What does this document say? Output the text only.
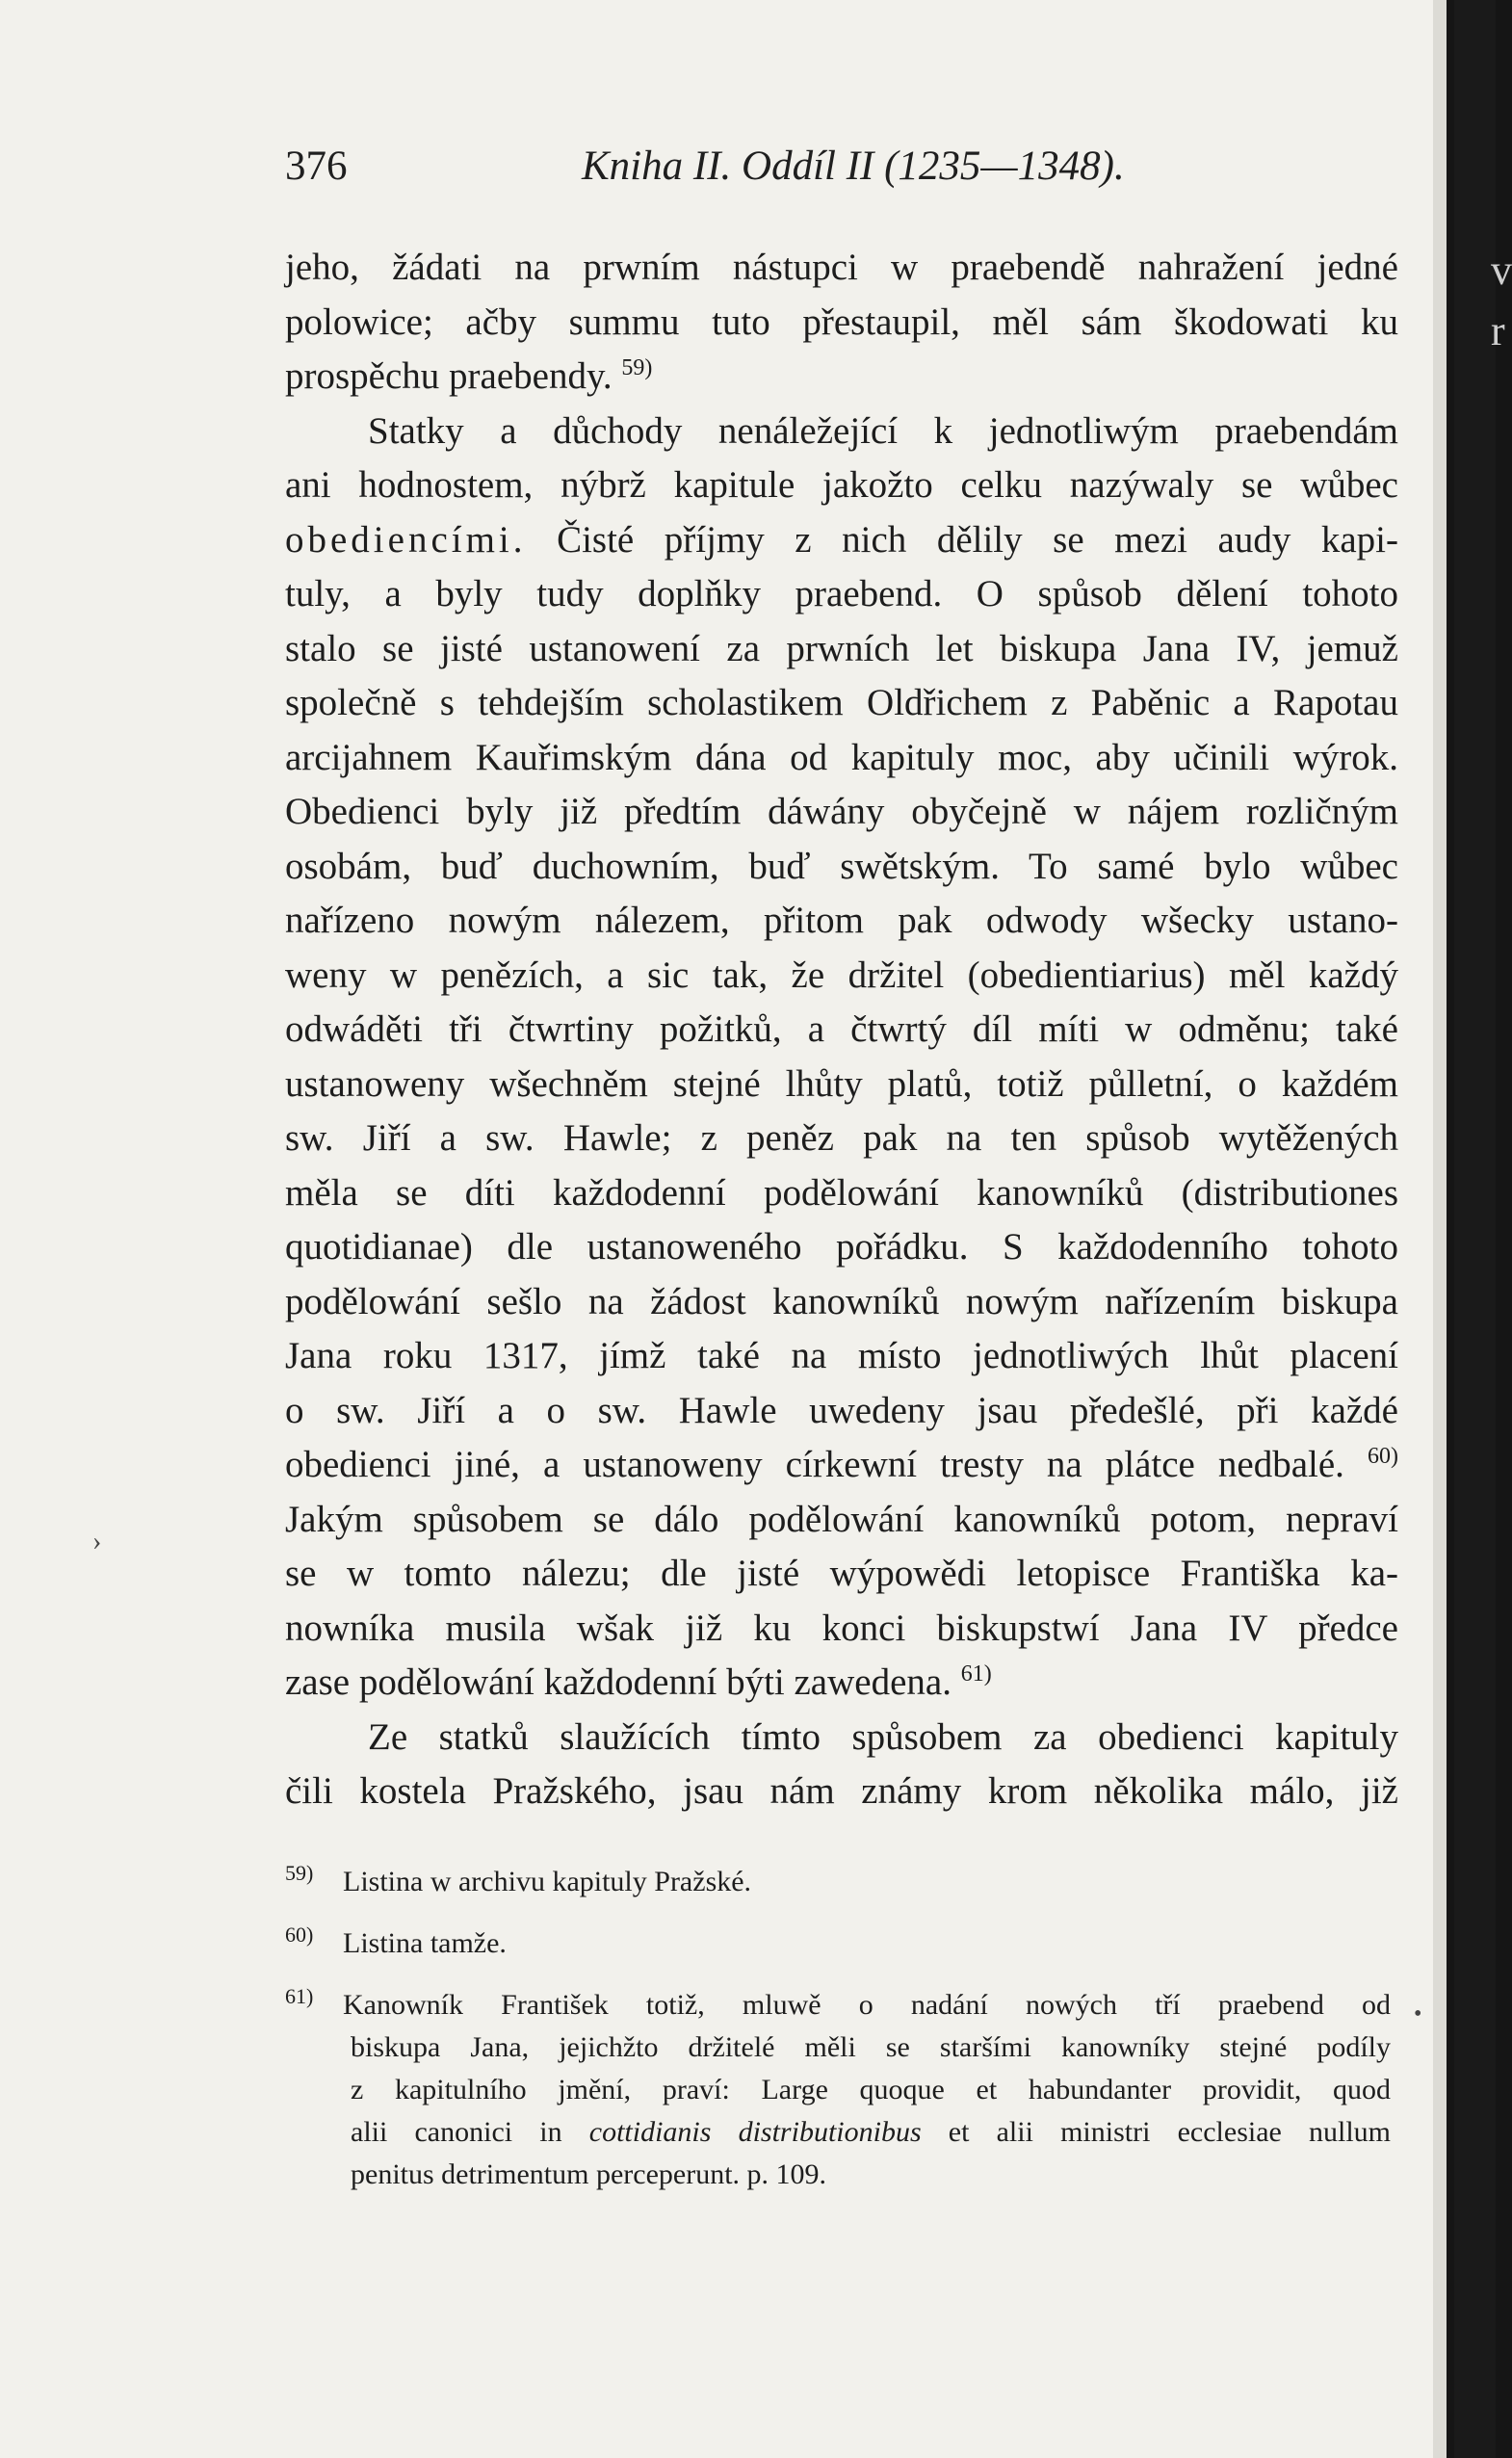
376	Kniha II. Oddíl II (1235—1348).
jeho, žádati na prwním nástupci w praebendě nahražení jedné
polowice; ačby summu tuto přestaupil, měl sám škodowati ku
prospěchu praebendy. $^{59)}$
Statky a důchody nenáležející k jednotliwým praebendám
ani hodnostem, nýbrž kapitule jakožto celku nazýwaly se wůbec
obediencími. Čisté příjmy z nich dělily se mezi audy kapi-
tuly, a byly tudy doplňky praebend. O spůsob dělení tohoto
stalo se jisté ustanowení za prwních let biskupa Jana IV, jemuž
společně s tehdejším scholastikem Oldřichem z Paběnic a Rapotau
arcijahnem Kauřimským dána od kapituly moc, aby učinili wýrok.
Obedienci byly již předtím dáwány obyčejně w nájem rozličným
osobám, buď duchowním, buď swětským. To samé bylo wůbec
nařízeno nowým nálezem, přitom pak odwody wšecky ustano-
weny w penězích, a sic tak, že držitel (obedientiarius) měl každý
odwáděti tři čtwrtiny požitků, a čtwrtý díl míti w odměnu; také
ustanoweny wšechněm stejné lhůty platů, totiž půlletní, o každém
sw. Jiří a sw. Hawle; z peněz pak na ten spůsob wytěžených
měla se díti každodenní podělowání kanowníků (distributiones
quotidianae) dle ustanoweného pořádku. S každodenního tohoto
podělowání sešlo na žádost kanowníků nowým nařízením biskupa
Jana roku 1317, jímž také na místo jednotliwých lhůt placení
o sw. Jiří a o sw. Hawle uwedeny jsau předešlé, při každé
obedienci jiné, a ustanoweny církewní tresty na plátce nedbalé. $^{60)}$
Jakým spůsobem se dálo podělowání kanowníků potom, nepraví
se w tomto nálezu; dle jisté wýpowědi letopisce Františka ka-
nowníka musila wšak již ku konci biskupstwí Jana IV předce
zase podělowání každodenní býti zawedena. $^{61)}$
Ze statků slaužících tímto spůsobem za obedienci kapituly
čili kostela Pražského, jsau nám známy krom několika málo, již
59) Listina w archivu kapituly Pražské.
60) Listina tamže.
61) Kanowník František totiž, mluwě o nadání nowých tří praebend od
biskupa Jana, jejichžto držitelé měli se staršími kanowníky stejné podíly
z kapitulního jmění, praví: Large quoque et habundanter providit, quod
alii canonici in cottidianis distributionibus et alii ministri ecclesiae nullum
penitus detrimentum perceperunt. p. 109.
›
•
v
r
